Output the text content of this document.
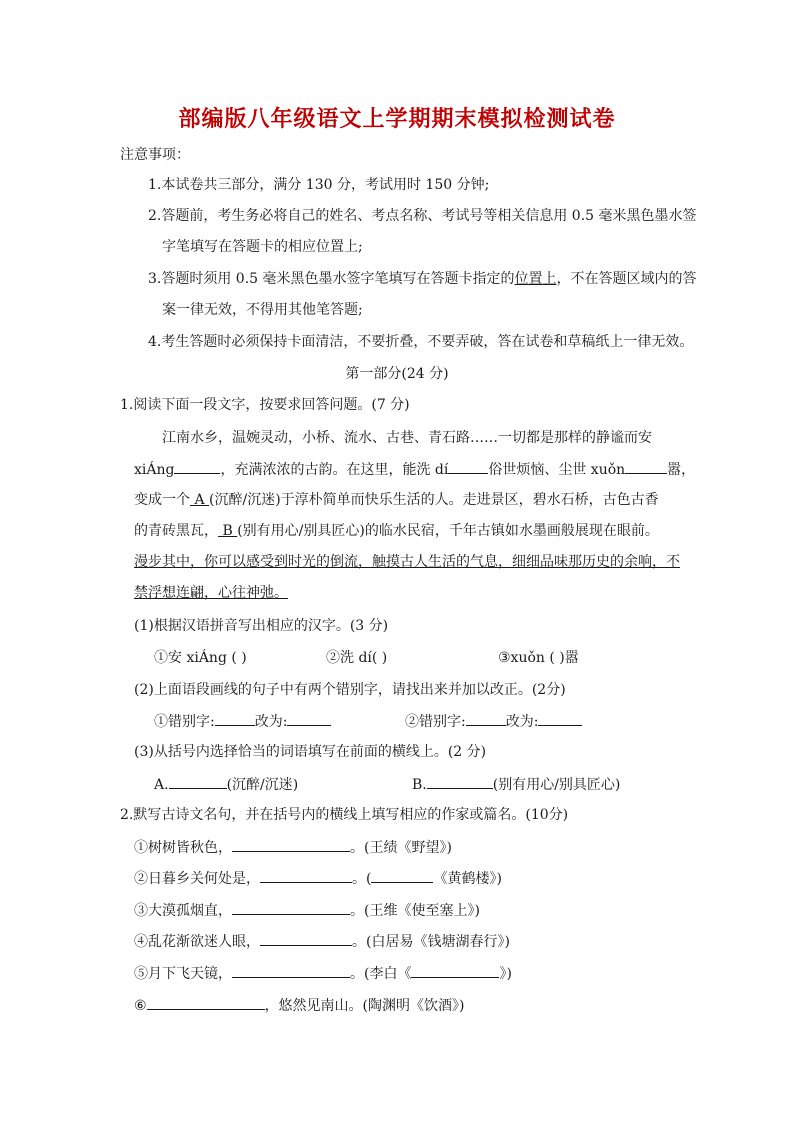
部编版八年级语文上学期期末模拟检测试卷
注意事项：
1.本试卷共三部分，满分 130 分，考试用时 150 分钟;
2.答题前，考生务必将自己的姓名、考点名称、考试号等相关信息用 0.5 毫米黑色墨水签
字笔填写在答题卡的相应位置上;
3.答题时须用 0.5 毫米黑色墨水签字笔填写在答题卡指定的位置上，不在答题区域内的答
案一律无效，不得用其他笔答题;
4.考生答题时必须保持卡面清洁，不要折叠，不要弄破，答在试卷和草稿纸上一律无效。
第一部分(24 分)
1.阅读下面一段文字，按要求回答问题。(7 分)
江南水乡，温婉灵动，小桥、流水、古巷、青石路……一切都是那样的静谧而安
xiÁng	，充满浓浓的古韵。在这里，能洗 dí	俗世烦恼、尘世 xuǒn	嚣，
变成一个 A (沉醉/沉迷)于淳朴简单而快乐生活的人。走进景区，碧水石桥，古色古香
的青砖黑瓦， B (别有用心/别具匠心)的临水民宿，千年古镇如水墨画般展现在眼前。
漫步其中，你可以感受到时光的倒流，触摸古人生活的气息，细细品味那历史的余响，不
禁浮想连翩，心往神弛。
(1)根据汉语拼音写出相应的汉字。(3 分)
①安 xiÁng ( )	②洗 dí( )	③xuǒn ( )嚣
(2)上面语段画线的句子中有两个错别字，请找出来并加以改正。(2分)
①错别字:	改为:	②错别字:	改为:
(3)从括号内选择恰当的词语填写在前面的横线上。(2 分)
A.	(沉醉/沉迷)	B.	(别有用心/别具匠心)
2.默写古诗文名句，并在括号内的横线上填写相应的作家或篇名。(10分)
①树树皆秋色，	。(王绩《野望》)
②日暮乡关何处是，	。(	《黄鹤楼》)
③大漠孤烟直，	。(王维《使至塞上》)
④乱花渐欲迷人眼，	。(白居易《钱塘湖春行》)
⑤月下飞天镜，	。(李白《	》)
⑥	，悠然见南山。(陶渊明《饮酒》)
